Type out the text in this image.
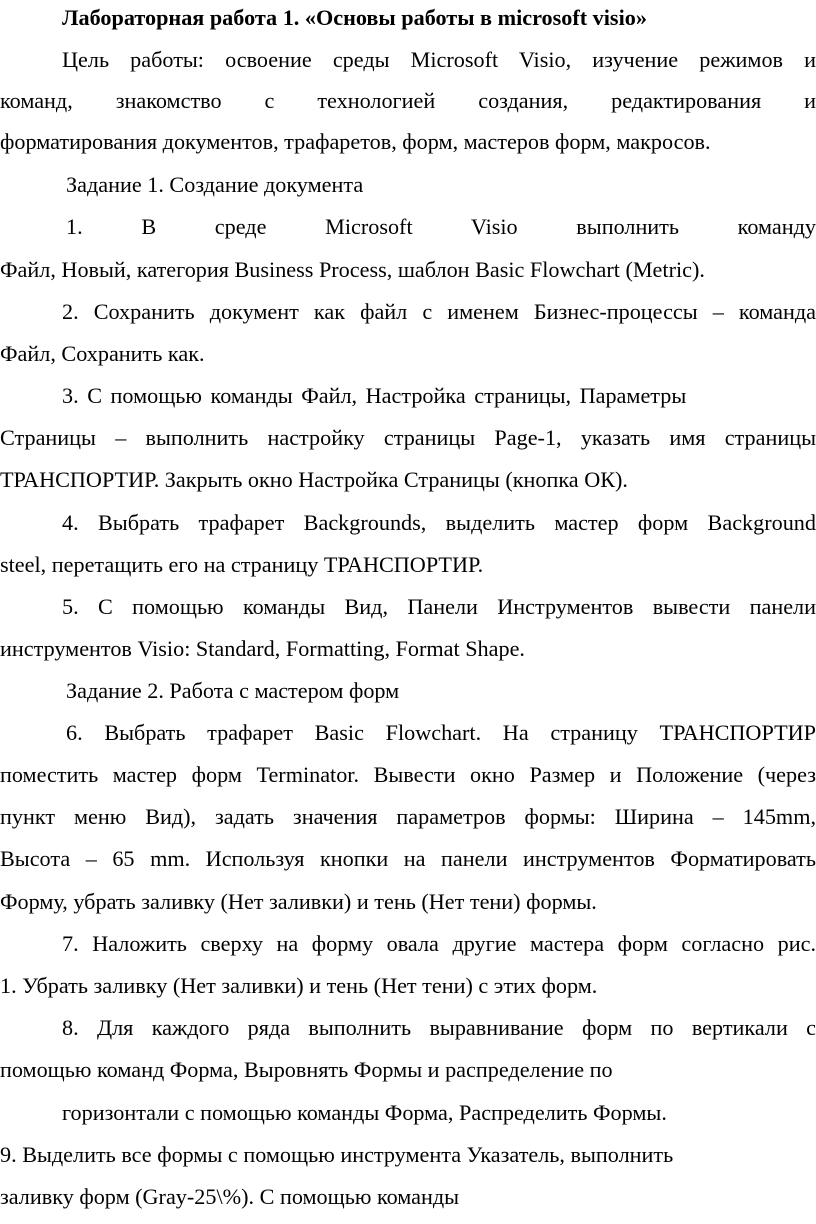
Лабораторная работа 1. «Основы работы в microsoft visio»
Цель работы: освоение среды Microsoft Visio, изучение режимов и
команд, знакомство с технологией создания, редактирования и
форматирования документов, трафаретов, форм, мастеров форм, макросов.
Задание 1. Создание документа
1. В среде Microsoft Visio выполнить команду
Файл, Новый, категория Business Process, шаблон Basic Flowchart (Metric).
2. Сохранить документ как файл с именем Бизнес-процессы – команда
Файл, Сохранить как.
3. С помощью команды Файл, Настройка страницы, Параметры
Страницы – выполнить настройку страницы Page-1, указать имя страницы
ТРАНСПОРТИР. Закрыть окно Настройка Страницы (кнопка ОК).
4. Выбрать трафарет Backgrounds, выделить мастер форм Background
steel, перетащить его на страницу ТРАНСПОРТИР.
5. С помощью команды Вид, Панели Инструментов вывести панели
инструментов Visio: Standard, Formatting, Format Shape.
Задание 2. Работа с мастером форм
6. Выбрать трафарет Basic Flowchart. На страницу ТРАНСПОРТИР
поместить мастер форм Terminator. Вывести окно Размер и Положение (через
пункт меню Вид), задать значения параметров формы: Ширина – 145mm,
Высота – 65 mm. Используя кнопки на панели инструментов Форматировать
Форму, убрать заливку (Нет заливки) и тень (Нет тени) формы.
7. Наложить сверху на форму овала другие мастера форм согласно рис.
1. Убрать заливку (Нет заливки) и тень (Нет тени) с этих форм.
8. Для каждого ряда выполнить выравнивание форм по вертикали с
помощью команд Форма, Выровнять Формы и распределение по
горизонтали с помощью команды Форма, Распределить Формы.
9. Выделить все формы с помощью инструмента Указатель, выполнить
заливку форм (Gray-25\%). С помощью команды
